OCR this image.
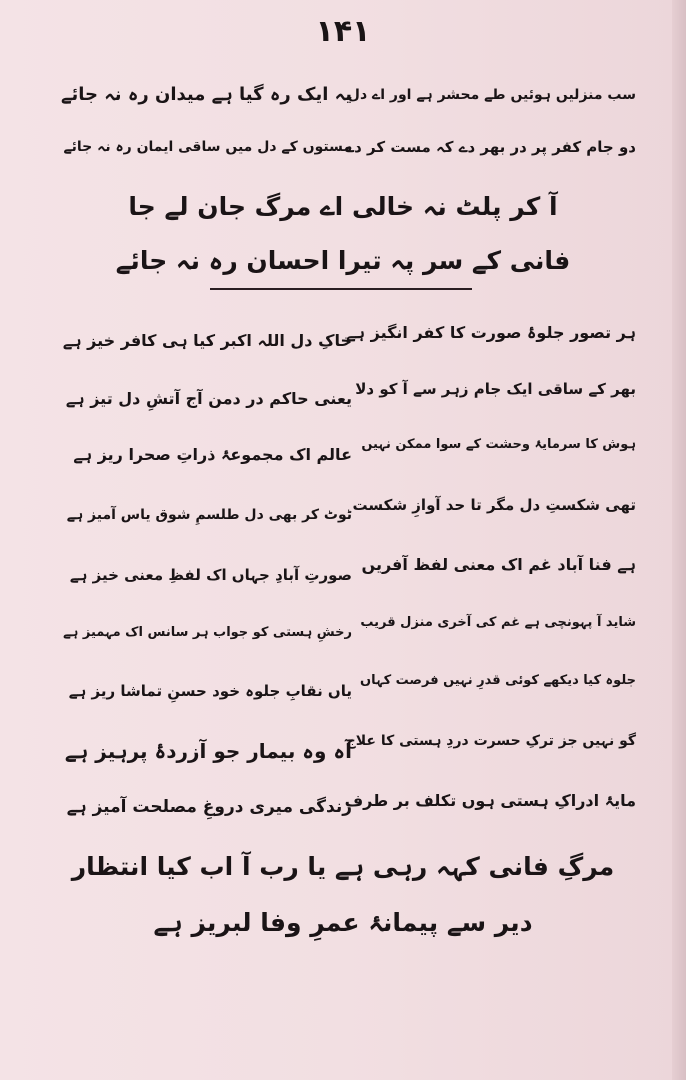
۱۴۱
سب منزلیں ہوئیں طے محشر ہے اور اے دل
یہ ایک رہ گیا ہے میدان رہ نہ جائے
دو جام کفر پر در بھر دے کہ مست کر دے
مستوں کے دل میں ساقی ایمان رہ نہ جائے
آ کر پلٹ نہ خالی اے مرگ جان لے جا
فانی کے سر پہ تیرا احسان رہ نہ جائے
ہر تصور جلوۂ صورت کا کفر انگیز ہے
خاکِ دل اللہ اکبر کیا ہی کافر خیز ہے
بھر کے ساقی ایک جام زہر سے آ کو دلا
یعنی حاکم در دمن آج آتشِ دل تیز ہے
ہوش کا سرمایۂ وحشت کے سوا ممکن نہیں
عالم اک مجموعۂ ذراتِ صحرا ریز ہے
تھی شکستِ دل مگر تا حد آوازِ شکست
ٹوٹ کر بھی دل طلسمِ شوق یاس آمیز ہے
ہے فنا آباد غم اک معنی لفظ آفریں
صورتِ آبادِ جہاں اک لفظِ معنی خیز ہے
شاید آ پہونچی ہے غم کی آخری منزل قریب
رخشِ ہستی کو جواب ہر سانس اک مہمیز ہے
جلوہ کیا دیکھے کوئی قدرِ نہیں فرصت کہاں
یاں نقابِ جلوہ خود حسنِ تماشا ریز ہے
گو نہیں جز ترکِ حسرت دردِ ہستی کا علاج
آہ وہ بیمار جو آزردۂ پرہیز ہے
مایۂ ادراکِ ہستی ہوں تکلف بر طرف
زندگی میری دروغِ مصلحت آمیز ہے
مرگِ فانی کہہ رہی ہے یا رب آ اب کیا انتظار
دیر سے پیمانۂ عمرِ وفا لبریز ہے
